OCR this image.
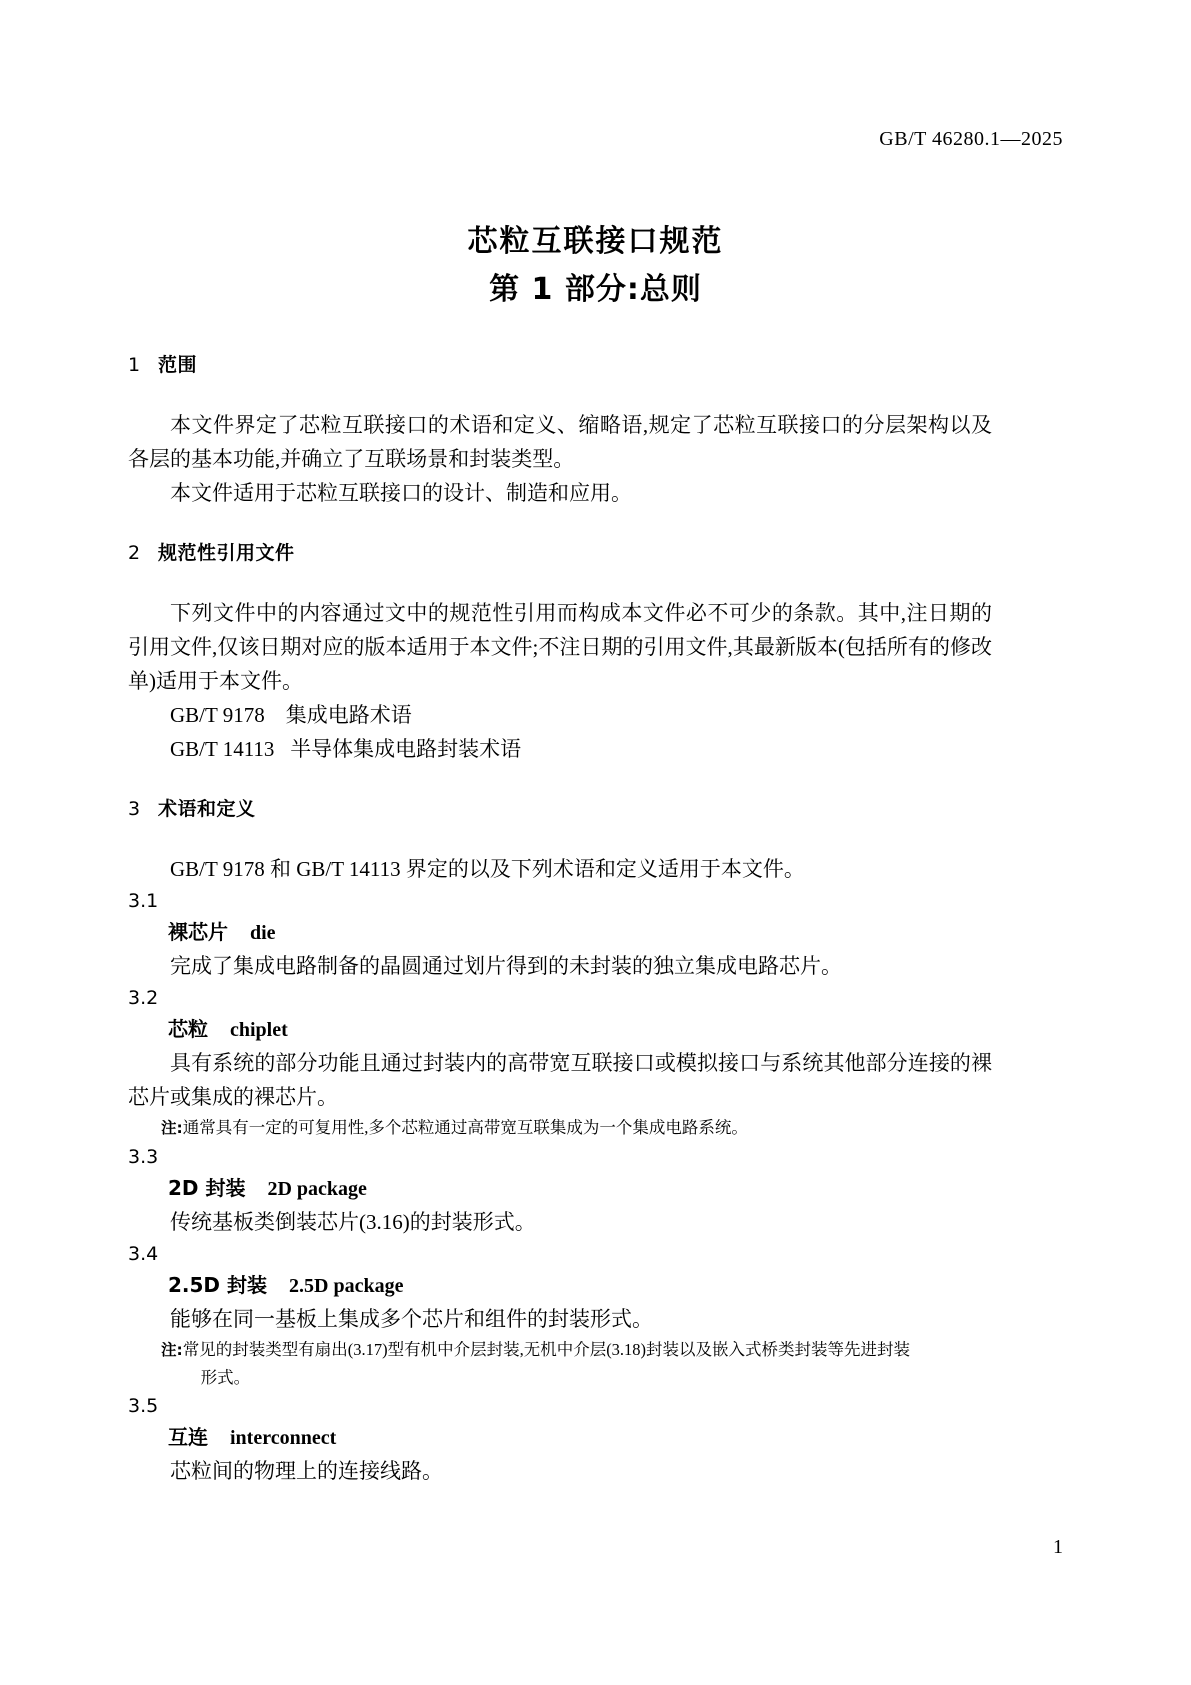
GB/T 46280.1—2025
芯粒互联接口规范
第 1 部分:总则
1 范围

本文件界定了芯粒互联接口的术语和定义、缩略语,规定了芯粒互联接口的分层架构以及各层的基本功能,并确立了互联场景和封装类型。

本文件适用于芯粒互联接口的设计、制造和应用。

2 规范性引用文件

下列文件中的内容通过文中的规范性引用而构成本文件必不可少的条款。其中,注日期的引用文件,仅该日期对应的版本适用于本文件;不注日期的引用文件,其最新版本(包括所有的修改单)适用于本文件。

GB/T 9178 集成电路术语
GB/T 14113 半导体集成电路封装术语
3 术语和定义

GB/T 9178 和 GB/T 14113 界定的以及下列术语和定义适用于本文件。

3.1
裸芯片 die

完成了集成电路制备的晶圆通过划片得到的未封装的独立集成电路芯片。

3.2
芯粒 chiplet

具有系统的部分功能且通过封装内的高带宽互联接口或模拟接口与系统其他部分连接的裸芯片或集成的裸芯片。

注:通常具有一定的可复用性,多个芯粒通过高带宽互联集成为一个集成电路系统。

3.3
2D 封装 2D package

传统基板类倒装芯片(3.16)的封装形式。

3.4
2.5D 封装 2.5D package

能够在同一基板上集成多个芯片和组件的封装形式。

注:常见的封装类型有扇出(3.17)型有机中介层封装,无机中介层(3.18)封装以及嵌入式桥类封装等先进封装

形式。

3.5
互连 interconnect

芯粒间的物理上的连接线路。

1
